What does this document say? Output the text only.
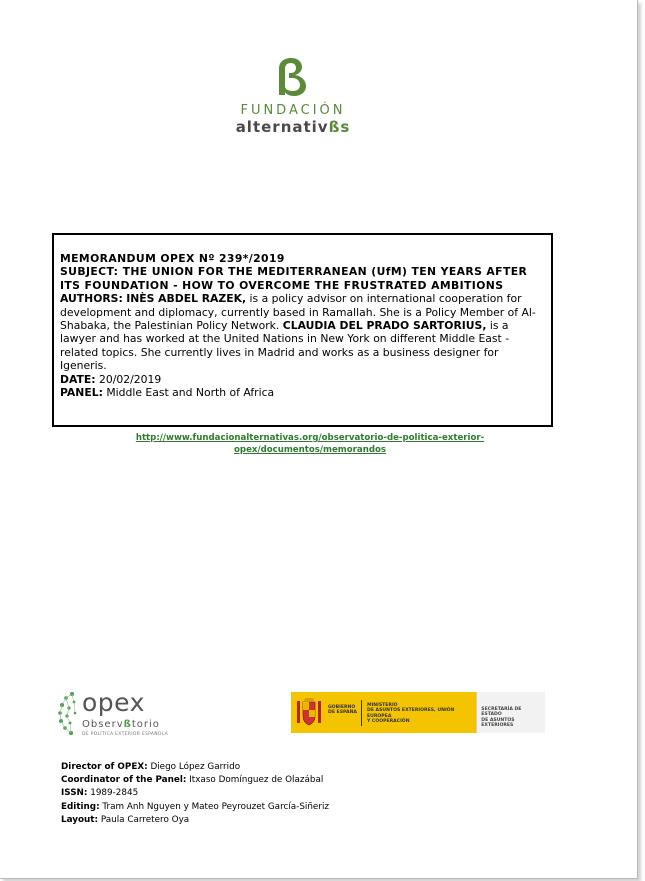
FUNDACIÓN
alternativßs

MEMORANDUM OPEX Nº 239*/2019

SUBJECT: THE UNION FOR THE MEDITERRANEAN (UfM) TEN YEARS AFTER ITS FOUNDATION - HOW TO OVERCOME THE FRUSTRATED AMBITIONS

AUTHORS: INÈS ABDEL RAZEK, is a policy advisor on international cooperation for development and diplomacy, currently based in Ramallah. She is a Policy Member of Al-Shabaka, the Palestinian Policy Network. CLAUDIA DEL PRADO SARTORIUS, is a lawyer and has worked at the United Nations in New York on different Middle East -related topics. She currently lives in Madrid and works as a business designer for Igeneris.

DATE: 20/02/2019

PANEL: Middle East and North of Africa

http://www.fundacionalternativas.org/observatorio-de-politica-exterior-
opex/documentos/memorandos
opex
Observßtorio
DE POLÍTICA EXTERIOR ESPAÑOLA
GOBIERNO
DE ESPAÑA
MINISTERIO
DE ASUNTOS EXTERIORES, UNIÓN EUROPEA
Y COOPERACIÓN
SECRETARÍA DE ESTADO
DE ASUNTOS EXTERIORES
Director of OPEX: Diego López Garrido
Coordinator of the Panel: Itxaso Domínguez de Olazábal
ISSN: 1989-2845
Editing: Tram Anh Nguyen y Mateo Peyrouzet García-Siñeriz
Layout: Paula Carretero Oya
